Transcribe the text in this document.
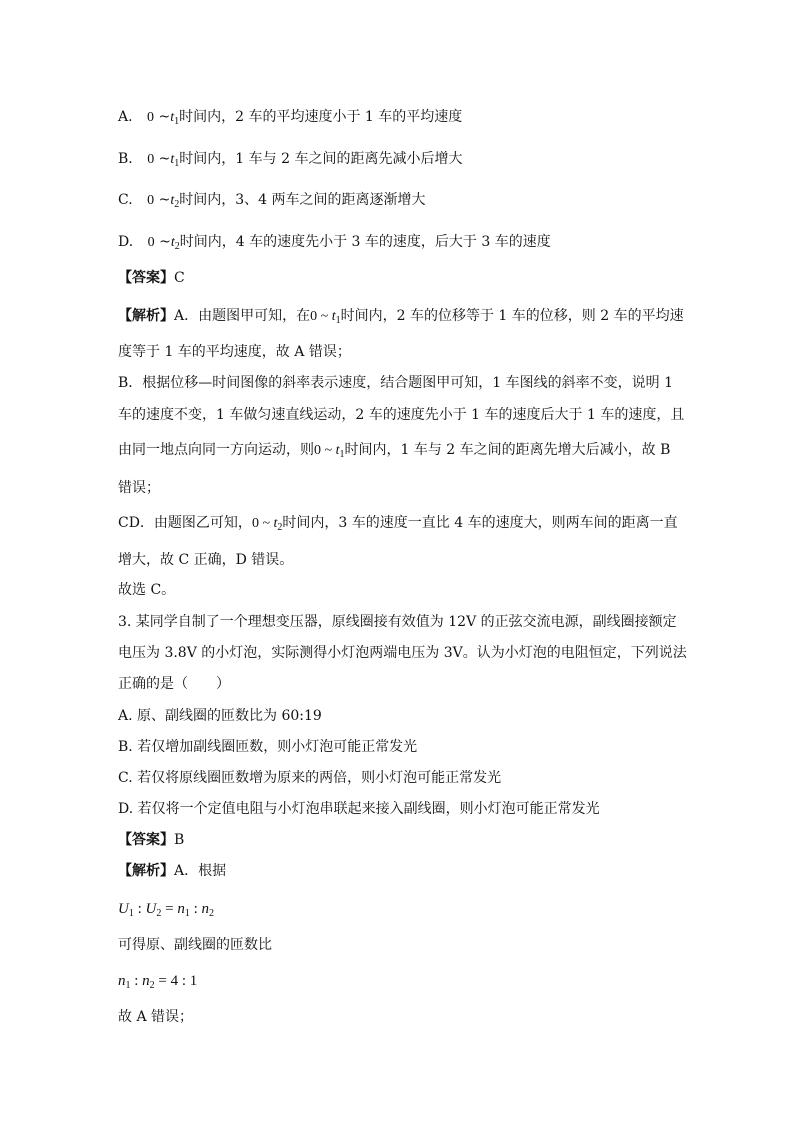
A. 0 $\sim t_1$时间内，2 车的平均速度小于 1 车的平均速度
B. 0 $\sim t_1$时间内，1 车与 2 车之间的距离先减小后增大
C. 0 $\sim t_2$时间内，3、4 两车之间的距离逐渐增大
D. 0 $\sim t_2$时间内，4 车的速度先小于 3 车的速度，后大于 3 车的速度
【答案】C
【解析】A．由题图甲可知，在0 ~ $t_1$时间内，2 车的位移等于 1 车的位移，则 2 车的平均速
度等于 1 车的平均速度，故 A 错误；
B．根据位移—时间图像的斜率表示速度，结合题图甲可知，1 车图线的斜率不变，说明 1
车的速度不变，1 车做匀速直线运动，2 车的速度先小于 1 车的速度后大于 1 车的速度，且
由同一地点向同一方向运动，则0 ~ $t_1$时间内，1 车与 2 车之间的距离先增大后减小，故 B
错误；
CD．由题图乙可知，0 ~ $t_2$时间内，3 车的速度一直比 4 车的速度大，则两车间的距离一直
增大，故 C 正确，D 错误。
故选 C。
3. 某同学自制了一个理想变压器，原线圈接有效值为 12V 的正弦交流电源，副线圈接额定
电压为 3.8V 的小灯泡，实际测得小灯泡两端电压为 3V。认为小灯泡的电阻恒定，下列说法
正确的是（　　）
A. 原、副线圈的匝数比为 60:19
B. 若仅增加副线圈匝数，则小灯泡可能正常发光
C. 若仅将原线圈匝数增为原来的两倍，则小灯泡可能正常发光
D. 若仅将一个定值电阻与小灯泡串联起来接入副线圈，则小灯泡可能正常发光
【答案】B
【解析】A．根据
$U_1$ : $U_2 = n_1$ : $n_2$
可得原、副线圈的匝数比
$n_1$ : $n_2 = 4$ : 1
故 A 错误；
